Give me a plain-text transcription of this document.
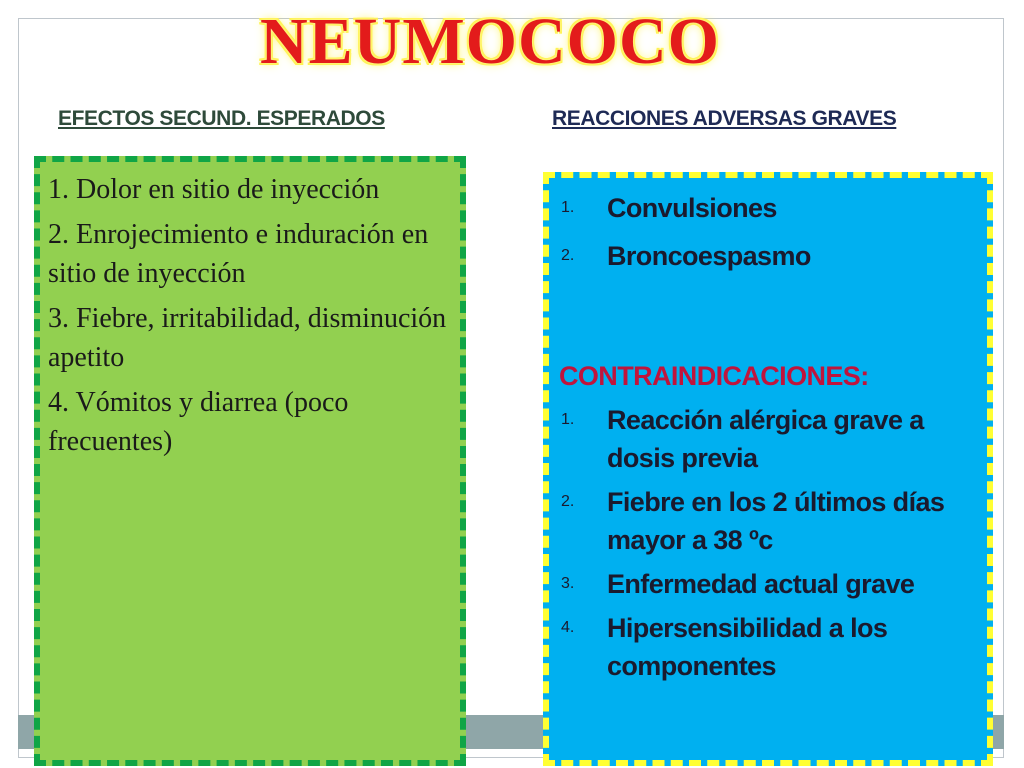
NEUMOCOCO
EFECTOS SECUND. ESPERADOS	REACCIONES ADVERSAS GRAVES
1. Dolor en sitio de inyección
2. Enrojecimiento e induración en sitio de inyección
3. Fiebre, irritabilidad, disminución apetito
4. Vómitos y diarrea (poco frecuentes)
1. Convulsiones
2. Broncoespasmo
CONTRAINDICACIONES:
1. Reacción alérgica grave a dosis previa
2. Fiebre en los 2 últimos días mayor a 38 ºc
3. Enfermedad actual grave
4. Hipersensibilidad a los componentes
